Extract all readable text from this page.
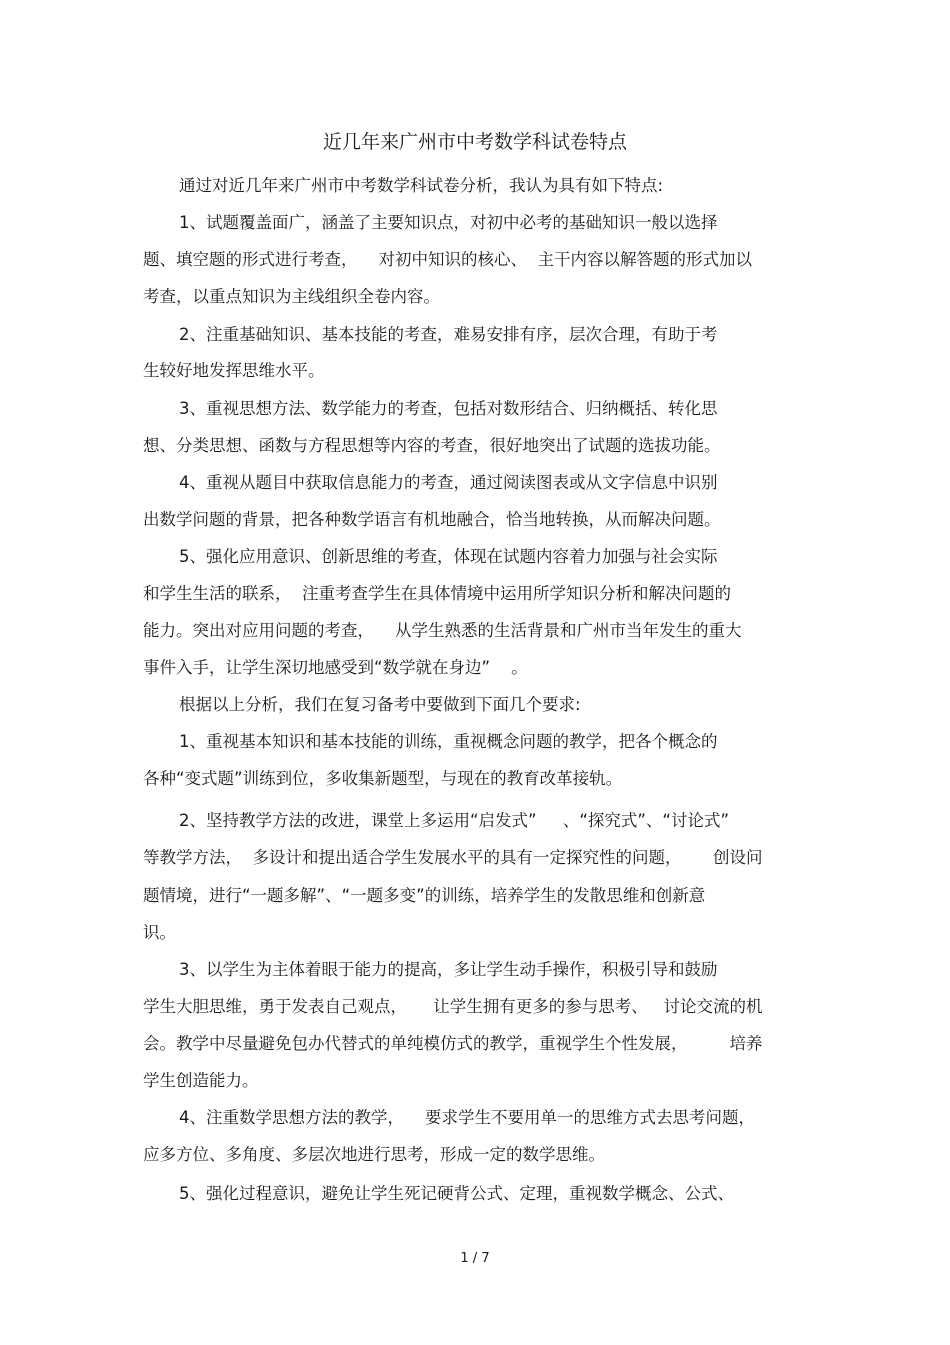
近几年来广州市中考数学科试卷特点
通过对近几年来广州市中考数学科试卷分析，我认为具有如下特点:
1、试题覆盖面广，涵盖了主要知识点，对初中必考的基础知识一般以选择
题、填空题的形式进行考查，    对初中知识的核心、  主干内容以解答题的形式加以
考查，以重点知识为主线组织全卷内容。
2、注重基础知识、基本技能的考查，难易安排有序，层次合理，有助于考
生较好地发挥思维水平。
3、重视思想方法、数学能力的考查，包括对数形结合、归纳概括、转化思
想、分类思想、函数与方程思想等内容的考查，很好地突出了试题的选拔功能。
4、重视从题目中获取信息能力的考查，通过阅读图表或从文字信息中识别
出数学问题的背景，把各种数学语言有机地融合，恰当地转换，从而解决问题。
5、强化应用意识、创新思维的考查，体现在试题内容着力加强与社会实际
和学生生活的联系，  注重考查学生在具体情境中运用所学知识分析和解决问题的
能力。突出对应用问题的考查，    从学生熟悉的生活背景和广州市当年发生的重大
事件入手，让学生深切地感受到“数学就在身边”    。
根据以上分析，我们在复习备考中要做到下面几个要求:
1、重视基本知识和基本技能的训练，重视概念问题的教学，把各个概念的
各种“变式题”训练到位，多收集新题型，与现在的教育改革接轨。
2、坚持教学方法的改进，课堂上多运用“启发式”     、“探究式”、“讨论式”
等教学方法，  多设计和提出适合学生发展水平的具有一定探究性的问题，      创设问
题情境，进行“一题多解”、“一题多变”的训练，培养学生的发散思维和创新意
识。
3、以学生为主体着眼于能力的提高，多让学生动手操作，积极引导和鼓励
学生大胆思维，勇于发表自己观点，     让学生拥有更多的参与思考、   讨论交流的机
会。教学中尽量避免包办代替式的单纯模仿式的教学，重视学生个性发展，        培养
学生创造能力。
4、注重数学思想方法的教学，    要求学生不要用单一的思维方式去思考问题，
应多方位、多角度、多层次地进行思考，形成一定的数学思维。
5、强化过程意识，避免让学生死记硬背公式、定理，重视数学概念、公式、
1 / 7
